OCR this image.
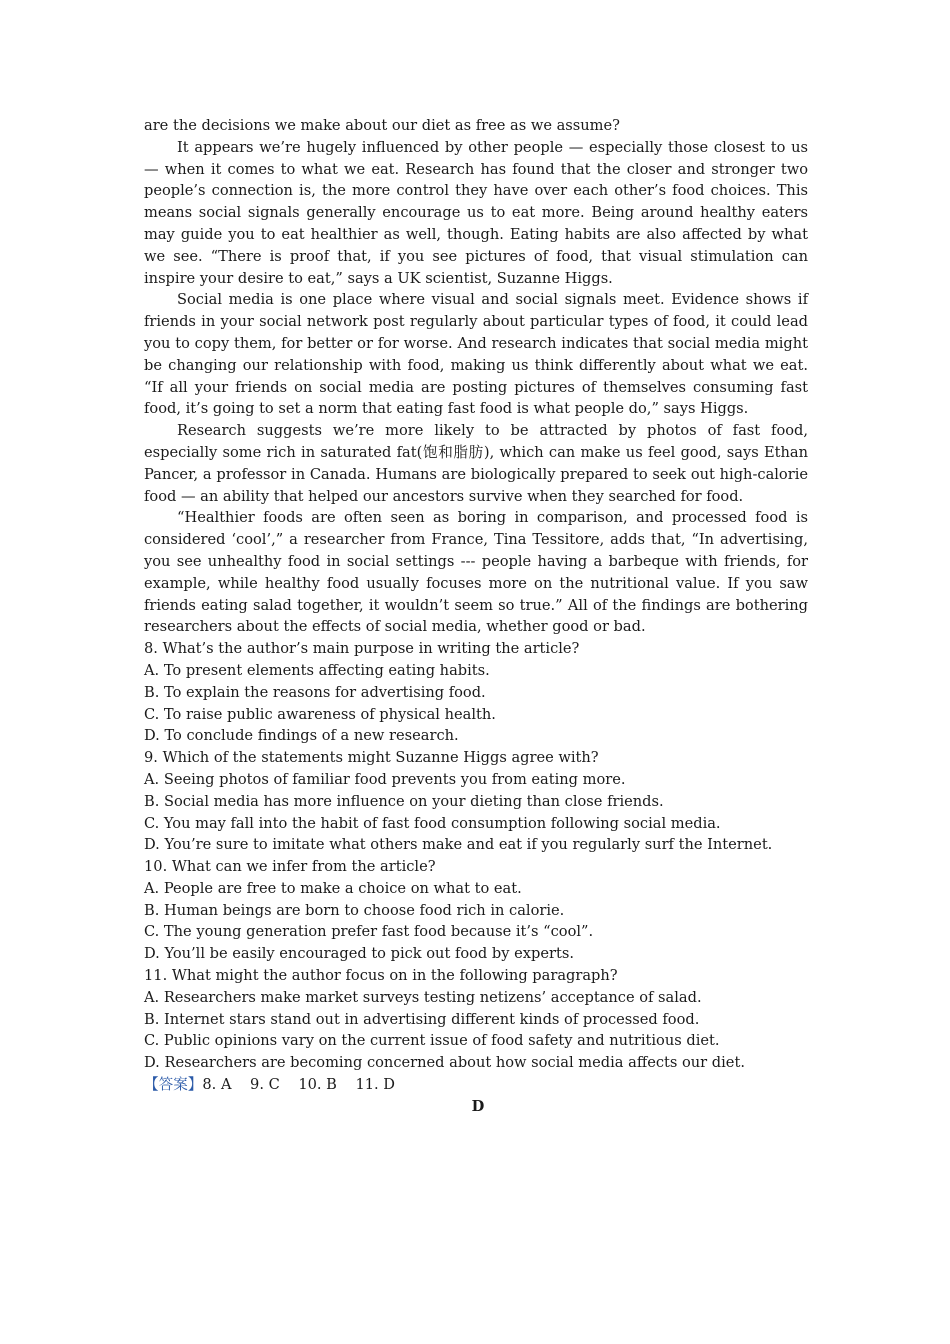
are the decisions we make about our diet as free as we assume?

It appears we’re hugely influenced by other people — especially those closest to us — when it comes to what we eat. Research has found that the closer and stronger two people’s connection is, the more control they have over each other’s food choices. This means social signals generally encourage us to eat more. Being around healthy eaters may guide you to eat healthier as well, though. Eating habits are also affected by what we see. “There is proof that, if you see pictures of food, that visual stimulation can inspire your desire to eat,” says a UK scientist, Suzanne Higgs.

Social media is one place where visual and social signals meet. Evidence shows if friends in your social network post regularly about particular types of food, it could lead you to copy them, for better or for worse. And research indicates that social media might be changing our relationship with food, making us think differently about what we eat. “If all your friends on social media are posting pictures of themselves consuming fast food, it’s going to set a norm that eating fast food is what people do,” says Higgs.

Research suggests we’re more likely to be attracted by photos of fast food, especially some rich in saturated fat(饱和脂肪), which can make us feel good, says Ethan Pancer, a professor in Canada. Humans are biologically prepared to seek out high-calorie food — an ability that helped our ancestors survive when they searched for food.

“Healthier foods are often seen as boring in comparison, and processed food is considered ‘cool’,” a researcher from France, Tina Tessitore, adds that, “In advertising, you see unhealthy food in social settings --- people having a barbeque with friends, for example, while healthy food usually focuses more on the nutritional value. If you saw friends eating salad together, it wouldn’t seem so true.” All of the findings are bothering researchers about the effects of social media, whether good or bad.

8. What’s the author’s main purpose in writing the article?

A. To present elements affecting eating habits.

B. To explain the reasons for advertising food.

C. To raise public awareness of physical health.

D. To conclude findings of a new research.

9. Which of the statements might Suzanne Higgs agree with?

A. Seeing photos of familiar food prevents you from eating more.

B. Social media has more influence on your dieting than close friends.

C. You may fall into the habit of fast food consumption following social media.

D. You’re sure to imitate what others make and eat if you regularly surf the Internet.

10. What can we infer from the article?

A. People are free to make a choice on what to eat.

B. Human beings are born to choose food rich in calorie.

C. The young generation prefer fast food because it’s “cool”.

D. You’ll be easily encouraged to pick out food by experts.

11. What might the author focus on in the following paragraph?

A. Researchers make market surveys testing netizens’ acceptance of salad.

B. Internet stars stand out in advertising different kinds of processed food.

C. Public opinions vary on the current issue of food safety and nutritious diet.

D. Researchers are becoming concerned about how social media affects our diet.

【答案】8. A    9. C    10. B    11. D

D
